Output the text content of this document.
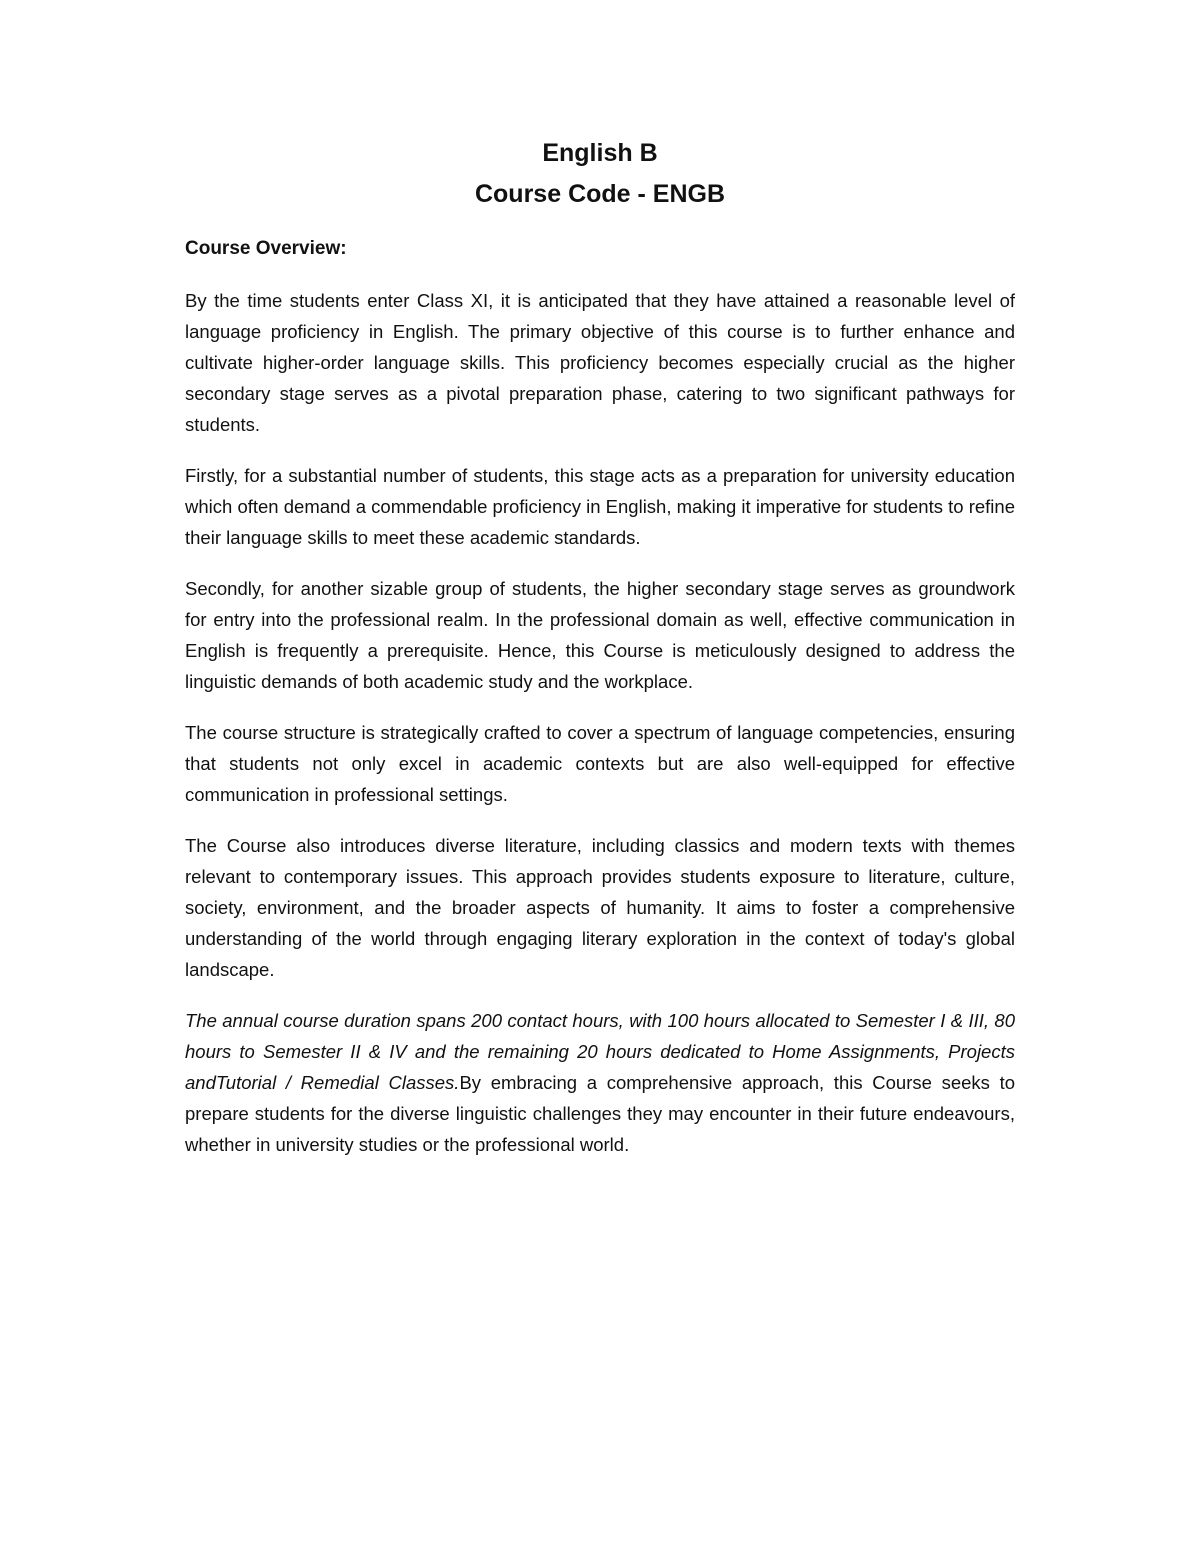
English B
Course Code - ENGB
Course Overview:

By the time students enter Class XI, it is anticipated that they have attained a reasonable level of language proficiency in English. The primary objective of this course is to further enhance and cultivate higher-order language skills. This proficiency becomes especially crucial as the higher secondary stage serves as a pivotal preparation phase, catering to two significant pathways for students.

Firstly, for a substantial number of students, this stage acts as a preparation for university education which often demand a commendable proficiency in English, making it imperative for students to refine their language skills to meet these academic standards.

Secondly, for another sizable group of students, the higher secondary stage serves as groundwork for entry into the professional realm. In the professional domain as well, effective communication in English is frequently a prerequisite. Hence, this Course is meticulously designed to address the linguistic demands of both academic study and the workplace.

The course structure is strategically crafted to cover a spectrum of language competencies, ensuring that students not only excel in academic contexts but are also well-equipped for effective communication in professional settings.

The Course also introduces diverse literature, including classics and modern texts with themes relevant to contemporary issues. This approach provides students exposure to literature, culture, society, environment, and the broader aspects of humanity. It aims to foster a comprehensive understanding of the world through engaging literary exploration in the context of today's global landscape.

The annual course duration spans 200 contact hours, with 100 hours allocated to Semester I & III, 80 hours to Semester II & IV and the remaining 20 hours dedicated to Home Assignments, Projects andTutorial / Remedial Classes.By embracing a comprehensive approach, this Course seeks to prepare students for the diverse linguistic challenges they may encounter in their future endeavours, whether in university studies or the professional world.
